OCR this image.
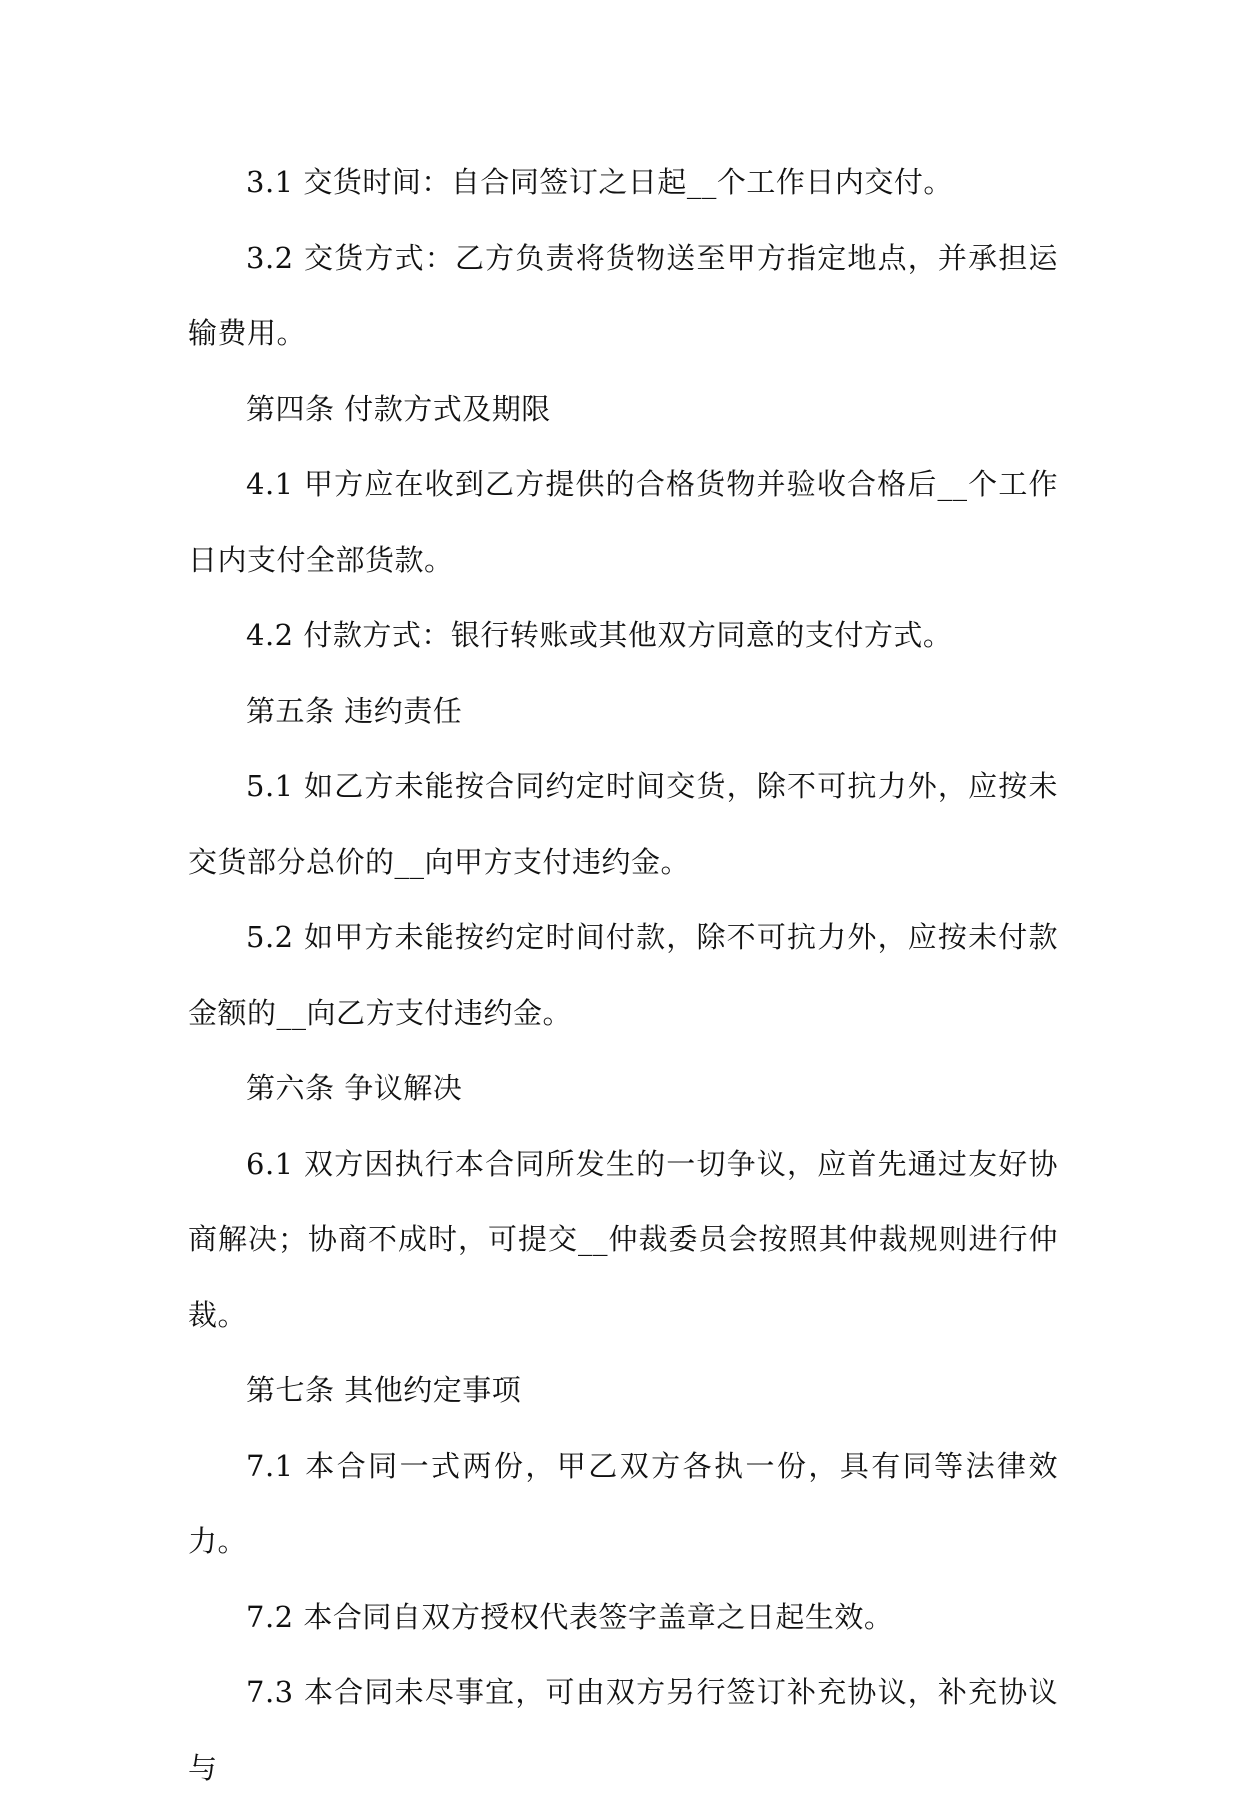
3.1 交货时间：自合同签订之日起__个工作日内交付。

3.2 交货方式：乙方负责将货物送至甲方指定地点，并承担运输费用。

第四条 付款方式及期限

4.1 甲方应在收到乙方提供的合格货物并验收合格后__个工作日内支付全部货款。

4.2 付款方式：银行转账或其他双方同意的支付方式。

第五条 违约责任

5.1 如乙方未能按合同约定时间交货，除不可抗力外，应按未交货部分总价的__向甲方支付违约金。

5.2 如甲方未能按约定时间付款，除不可抗力外，应按未付款金额的__向乙方支付违约金。

第六条 争议解决

6.1 双方因执行本合同所发生的一切争议，应首先通过友好协商解决；协商不成时，可提交__仲裁委员会按照其仲裁规则进行仲裁。

第七条 其他约定事项

7.1 本合同一式两份，甲乙双方各执一份，具有同等法律效力。

7.2 本合同自双方授权代表签字盖章之日起生效。

7.3 本合同未尽事宜，可由双方另行签订补充协议，补充协议与
